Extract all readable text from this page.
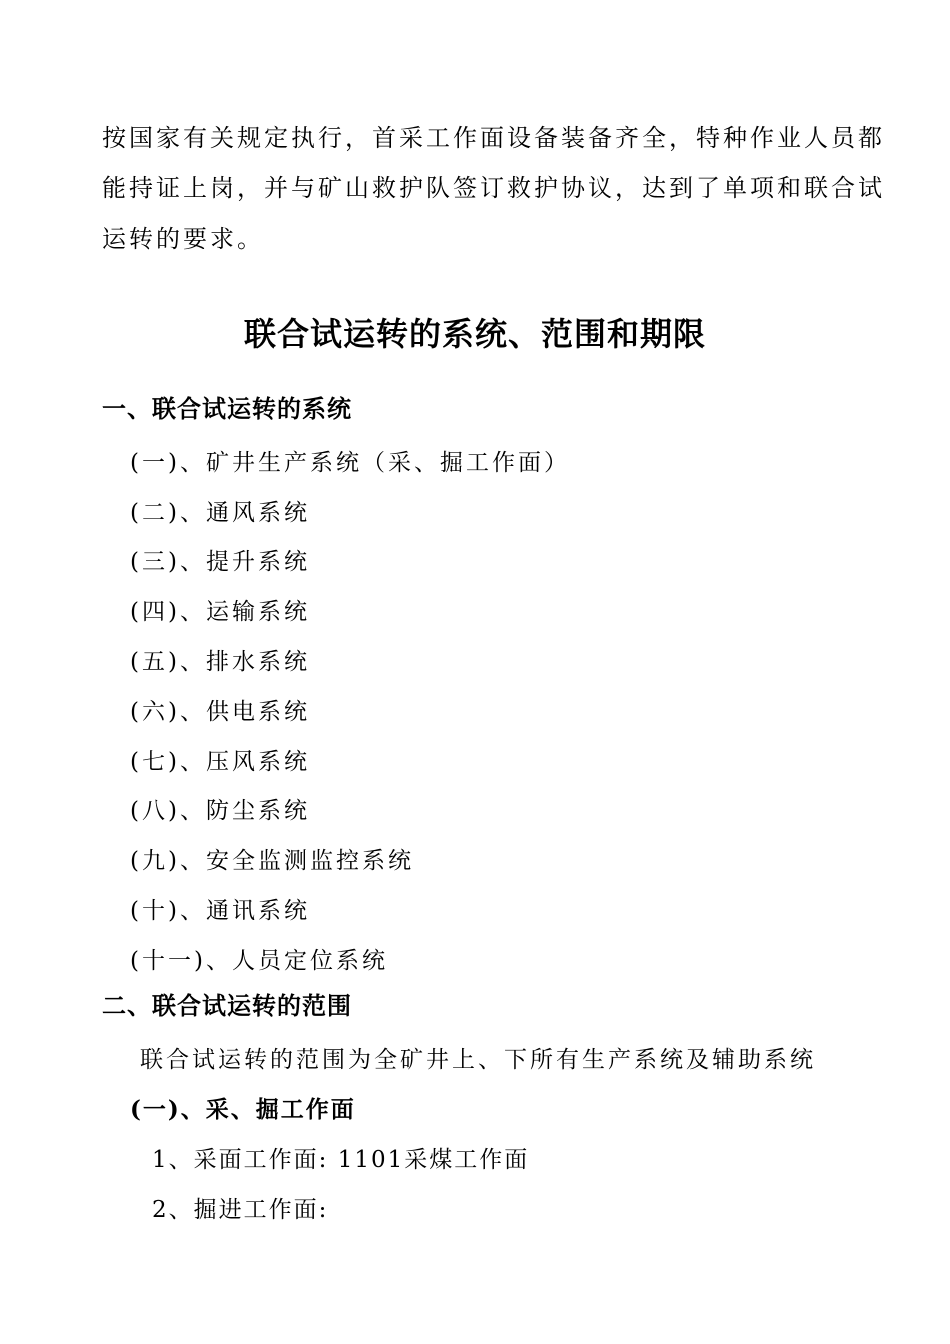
按国家有关规定执行，首采工作面设备装备齐全，特种作业人员都
能持证上岗，并与矿山救护队签订救护协议，达到了单项和联合试
运转的要求。
联合试运转的系统、范围和期限
一、联合试运转的系统
(一)、矿井生产系统（采、掘工作面）
(二)、通风系统
(三)、提升系统
(四)、运输系统
(五)、排水系统
(六)、供电系统
(七)、压风系统
(八)、防尘系统
(九)、安全监测监控系统
(十)、通讯系统
(十一)、人员定位系统
二、联合试运转的范围
联合试运转的范围为全矿井上、下所有生产系统及辅助系统
(一)、采、掘工作面
1、采面工作面: 1101采煤工作面
2、掘进工作面:
